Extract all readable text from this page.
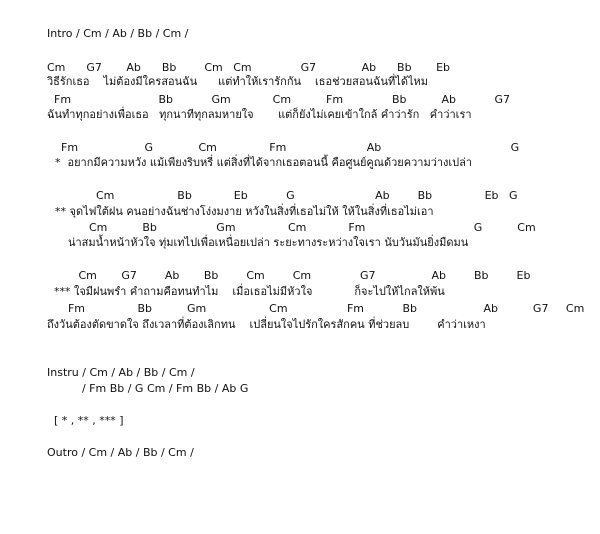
Intro / Cm / Ab / Bb / Cm /
Cm      G7       Ab      Bb        Cm   Cm              G7             Ab      Bb       Eb
วิธีรักเธอ    ไม่ต้องมีใครสอนฉัน      แต่ทำให้เรารักกัน    เธอช่วยสอนฉันที่ได้ไหม
Fm                         Bb           Gm            Cm          Fm              Bb          Ab           G7
ฉันทำทุกอย่างเพื่อเธอ   ทุกนาทีทุกลมหายใจ       แต่ก็ยังไม่เคยเข้าใกล้ คำว่ารัก   คำว่าเรา
Fm                   G             Cm               Fm                       Ab                                     G
*  อยากมีความหวัง แม้เพียงริบหรี่ แต่สิ่งที่ได้จากเธอตอนนี้ คือศูนย์คูณด้วยความว่างเปล่า
Cm                  Bb            Eb           G                       Ab        Bb               Eb   G
** จุดไฟใต้ฝน คนอย่างฉันช่างโง่งมงาย หวังในสิ่งที่เธอไม่ให้ ให้ในสิ่งที่เธอไม่เอา
Cm          Bb                 Gm               Cm            Fm                               G          Cm
น่าสมน้ำหน้าหัวใจ ทุ่มเทไปเพื่อเหนื่อยเปล่า ระยะทางระหว่างใจเรา นับวันมันยิ่งมืดมน
Cm       G7        Ab       Bb        Cm        Cm              G7                Ab        Bb        Eb
*** ใจมีฝนพรำ คำถามคือทนทำไม    เมื่อเธอไม่มีหัวใจ            ก็จะไปให้ไกลให้พ้น
Fm               Bb          Gm                  Cm                 Fm           Bb                   Ab          G7     Cm
ถึงวันต้องตัดขาดใจ ถึงเวลาที่ต้องเลิกทน    เปลี่ยนใจไปรักใครสักคน ที่ช่วยลบ        คำว่าเหงา
Instru / Cm / Ab / Bb / Cm /
/ Fm Bb / G Cm / Fm Bb / Ab G
[ * , ** , *** ]
Outro / Cm / Ab / Bb / Cm /
